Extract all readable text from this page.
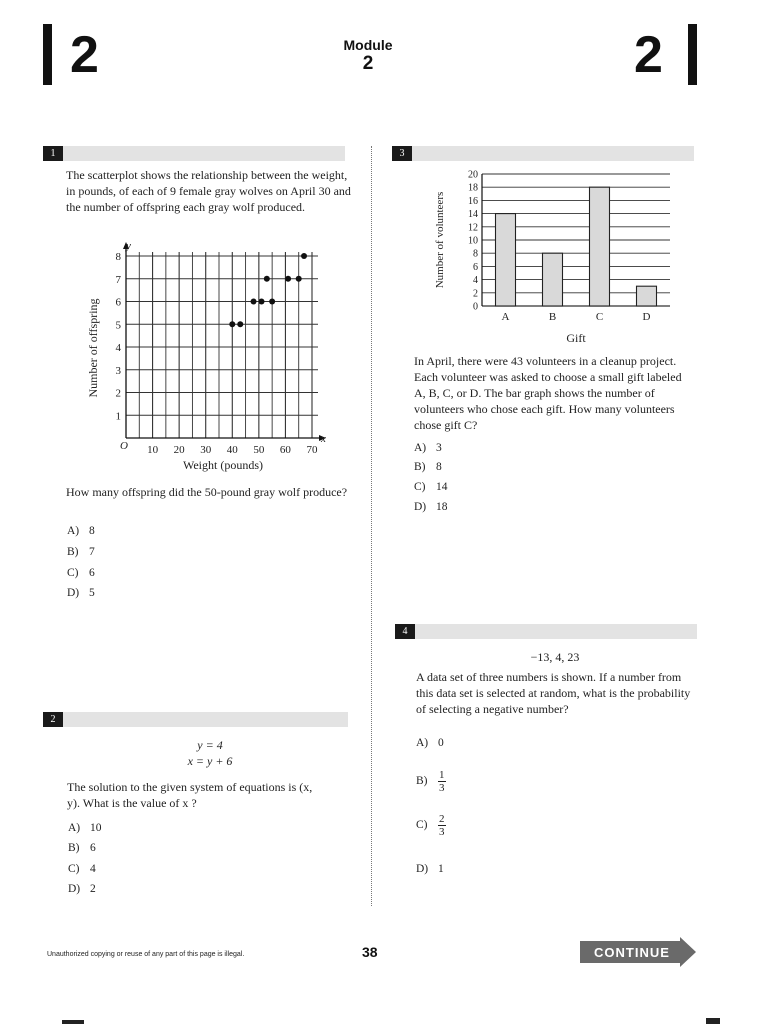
2	Module
2	2
1
The scatterplot shows the relationship between the weight, in pounds, of each of 9 female gray wolves on April 30 and the number of offspring each gray wolf produced.
10 20 30 40 50 60 70
1
2
3
4
5
6
7
8
Weight (pounds)
Number of offspring
x
y
O
How many offspring did the 50-pound gray wolf produce?
A) 8
B) 7
C) 6
D) 5
2
y = 4
x = y + 6
The solution to the given system of equations is (x, y). What is the value of x ?
A) 10
B) 6
C) 4
D) 2
3
0
2
4
6
8
10
12
14
16
18
20
A	B	C	D
Gift
Number of volunteers
In April, there were 43 volunteers in a cleanup project. Each volunteer was asked to choose a small gift labeled A, B, C, or D. The bar graph shows the number of volunteers who chose each gift. How many volunteers chose gift C?
A) 3
B) 8
C) 14
D) 18
4
−13, 4, 23
A data set of three numbers is shown. If a number from this data set is selected at random, what is the probability of selecting a negative number?
A) 0
$B) \frac{1}{3}$
$C) \frac{2}{3}$
D) 1
Unauthorized copying or reuse of any part of this page is illegal.	38	CONTINUE
